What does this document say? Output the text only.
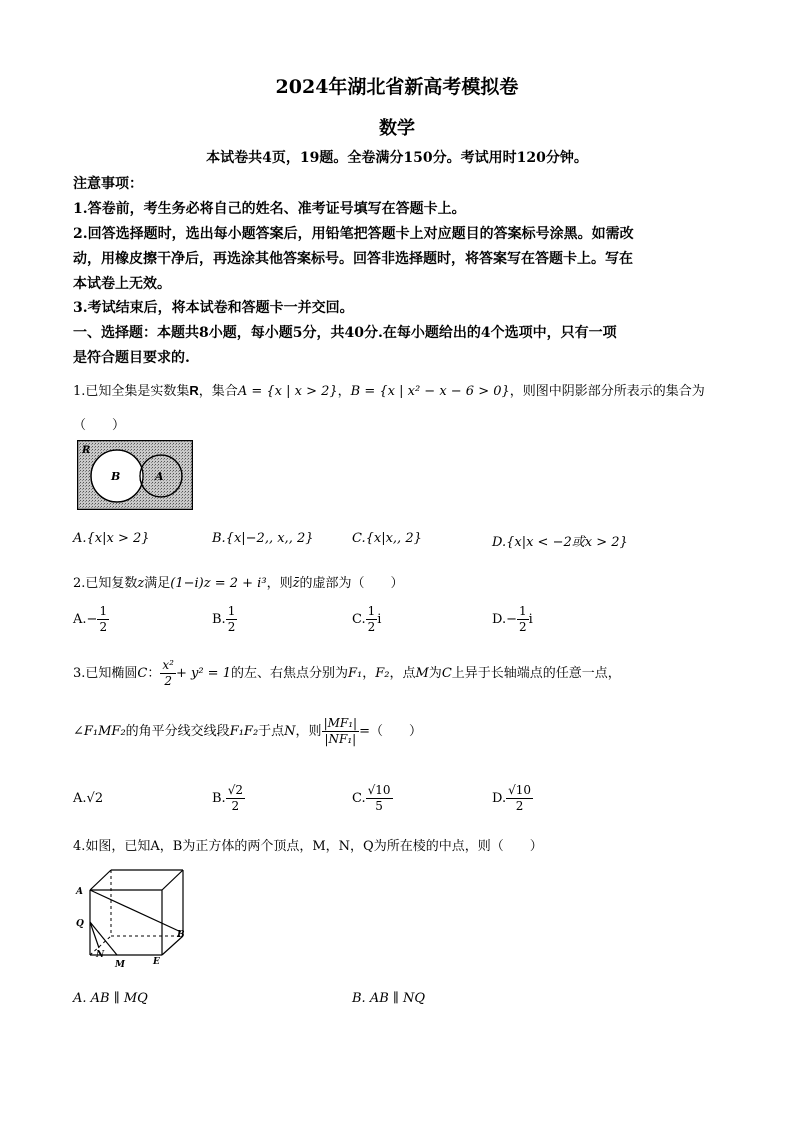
2024年湖北省新高考模拟卷
数学
本试卷共4页，19题。全卷满分150分。考试用时120分钟。
注意事项：
1.答卷前，考生务必将自己的姓名、准考证号填写在答题卡上。
2.回答选择题时，选出每小题答案后，用铅笔把答题卡上对应题目的答案标号涂黑。如需改
动，用橡皮擦干净后，再选涂其他答案标号。回答非选择题时，将答案写在答题卡上。写在
本试卷上无效。
3.考试结束后，将本试卷和答题卡一并交回。
一、选择题：本题共8小题，每小题5分，共40分.在每小题给出的4个选项中，只有一项
是符合题目要求的.
1.已知全集是实数集R，集合A = {x | x > 2}，B = {x | x² − x − 6 > 0}，则图中阴影部分所表示的集合为
（　　）
R
B	A
A.{x|x > 2}	B.{x|−2,, x,, 2}	C.{x|x,, 2}	D.{x|x < −2或x > 2}
2.已知复数z满足(1−i)z = 2 + i³，则z̄的虚部为（　　）
$A.- \frac{1}{2}$	B. $\frac{1}{2}$	C. $\frac{1}{2}$ i	$D.- \frac{1}{2}$ i
3.已知椭圆C： $\frac{\text{x²}}{2} + y^2 = 1$的左、右焦点分别为F₁，F₂，点M为C上异于长轴端点的任意一点，
∠F₁MF₂的角平分线交线段F₁F₂于点N，则 $\frac{\text{|MF₁|}}{\text{|NF₁|}}$ =（　　）
A.√2	B. $\frac{√2}{2}$	C. $\frac{√10}{5}$	D. $\frac{√10}{2}$
4.如图，已知A，B为正方体的两个顶点，M，N，Q为所在棱的中点，则（　　）
A
Q
B
N
M	E
A. AB ∥ MQ	B. AB ∥ NQ
